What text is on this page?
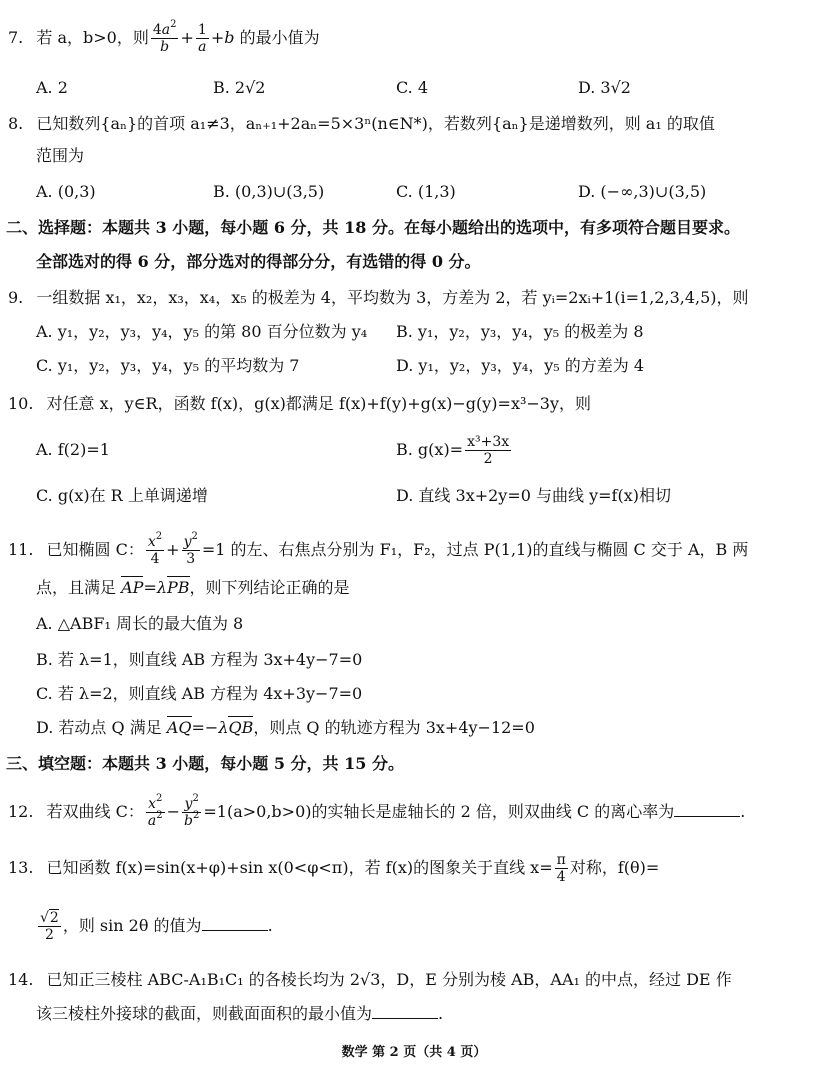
7. 若 a，b>0，则 $\frac{4a^2}{b} + \frac{1}{a} +b$ 的最小值为
A. 2	B. 2√2	C. 4	D. 3√2
8. 已知数列{aₙ}的首项 a₁≠3，aₙ₊₁+2aₙ=5×3ⁿ(n∈N*)，若数列{aₙ}是递增数列，则 a₁ 的取值
范围为
A. (0,3)	B. (0,3)∪(3,5)	C. (1,3)	D. (−∞,3)∪(3,5)
二、选择题：本题共 3 小题，每小题 6 分，共 18 分。在每小题给出的选项中，有多项符合题目要求。
全部选对的得 6 分，部分选对的得部分分，有选错的得 0 分。
9. 一组数据 x₁，x₂，x₃，x₄，x₅ 的极差为 4，平均数为 3，方差为 2，若 yᵢ=2xᵢ+1(i=1,2,3,4,5)，则
A. y₁，y₂，y₃，y₄，y₅ 的第 80 百分位数为 y₄ B. y₁，y₂，y₃，y₄，y₅ 的极差为 8
C. y₁，y₂，y₃，y₄，y₅ 的平均数为 7	D. y₁，y₂，y₃，y₄，y₅ 的方差为 4
10. 对任意 x，y∈R，函数 f(x)，g(x)都满足 f(x)+f(y)+g(x)−g(y)=x³−3y，则
A. f(2)=1	B. $g(x)= \frac{\text{x³+3x}}{2}$
C. g(x)在 R 上单调递增	D. 直线 3x+2y=0 与曲线 y=f(x)相切
11. 已知椭圆 C： $\frac{x^2}{4} + \frac{y^2}{3} =1$ 的左、右焦点分别为 F₁，F₂，过点 P(1,1)的直线与椭圆 C 交于 A，B 两
点，且满足 AP=λPB，则下列结论正确的是
A. △ABF₁ 周长的最大值为 8
B. 若 λ=1，则直线 AB 方程为 3x+4y−7=0
C. 若 λ=2，则直线 AB 方程为 4x+3y−7=0
D. 若动点 Q 满足 AQ=−λQB，则点 Q 的轨迹方程为 3x+4y−12=0
三、填空题：本题共 3 小题，每小题 5 分，共 15 分。
12. 若双曲线 C： $\frac{x^2}{a^2} - \frac{y^2}{b^2} =1(a>0,b>0)$的实轴长是虚轴长的 2 倍，则双曲线 C 的离心率为	.
13. 已知函数 f(x)=sin(x+φ)+sin x(0<φ<π)，若 f(x)的图象关于直线 $x= \frac{\pi}{4}$ 对称，f(θ)=
$\frac{√2}{2}$ ，则 sin 2θ 的值为	.
14. 已知正三棱柱 ABC-A₁B₁C₁ 的各棱长均为 2√3，D，E 分别为棱 AB，AA₁ 的中点，经过 DE 作
该三棱柱外接球的截面，则截面面积的最小值为	.
数学 第 2 页（共 4 页）
